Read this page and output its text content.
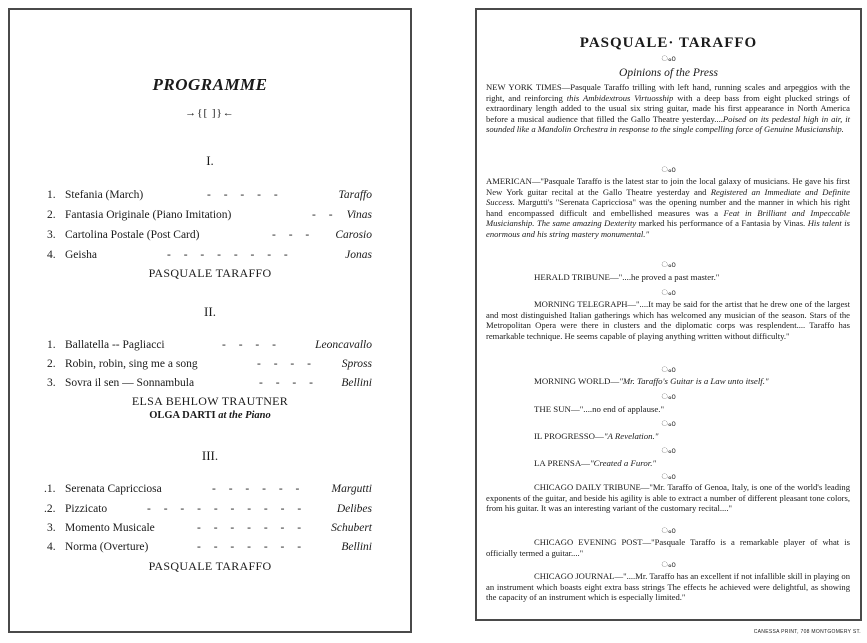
PROGRAMME
→{[ ]}←
I.
1. Stefania (March)	- - - - -	Taraffo
2. Fantasia Originale (Piano Imitation)	- - Vinas
3. Cartolina Postale (Post Card)	- - - Carosio
4. Geisha	- - - - - - - -	Jonas
PASQUALE TARAFFO
II.
1. Ballatella -- Pagliacci	- - - -	Leoncavallo
2. Robin, robin, sing me a song	- - - - Spross
3. Sovra il sen — Sonnambula	- - - - Bellini
ELSA BEHLOW TRAUTNER
OLGA DARTI at the Piano
III.
.1. Serenata Capricciosa	- - - - - - Margutti
.2. Pizzicato	- - - - - - - - - -	Delibes
3. Momento Musicale	- - - - - - - Schubert
4. Norma (Overture)	- - - - - - -	Bellini
PASQUALE TARAFFO
PASQUALE· TARAFFO
ം൦
Opinions of the Press
NEW YORK TIMES—Pasquale Taraffo trilling with left hand, running scales and arpeggios with the right, and reinforcing this Ambidextrous Virtuosship with a deep bass from eight plucked strings of extraordinary length added to the usual six string guitar, made his first appearance in North America before a musical audience that filled the Gallo Theatre yesterday....Poised on its pedestal high in air, it sounded like a Mandolin Orchestra in response to the single compelling force of Genuine Musicianship.
ം൦
AMERICAN—"Pasquale Taraffo is the latest star to join the local galaxy of musicians. He gave his first New York guitar recital at the Gallo Theatre yesterday and Registered an Immediate and Definite Success. Margutti's "Serenata Capricciosa" was the opening number and the manner in which his right hand encompassed difficult and embellished measures was a Feat in Brilliant and Impeccable Musicianship. The same amazing Dexterity marked his performance of a Fantasia by Vinas. His talent is enormous and his string mastery monumental."
ം൦
HERALD TRIBUNE—"....he proved a past master."
ം൦
MORNING TELEGRAPH—"....It may be said for the artist that he drew one of the largest and most distinguished Italian gatherings which has welcomed any musician of the season. Stars of the Metropolitan Opera were there in clusters and the diplomatic corps was resplendent.... Taraffo has remarkable technique. He seems capable of playing anything written without difficulty."
ം൦
MORNING WORLD—"Mr. Taraffo's Guitar is a Law unto itself."
ം൦
THE SUN—"....no end of applause."
ം൦
IL PROGRESSO—"A Revelation."
ം൦
LA PRENSA—"Created a Furor."
ം൦
CHICAGO DAILY TRIBUNE—"Mr. Taraffo of Genoa, Italy, is one of the world's leading exponents of the guitar, and beside his agility is able to extract a number of different pleasant tone colors, from his guitar. It was an interesting variant of the customary recital...."
ം൦
CHICAGO EVENING POST—"Pasquale Taraffo is a remarkable player of what is officially termed a guitar...."
ം൦
CHICAGO JOURNAL—"....Mr. Taraffo has an excellent if not infallible skill in playing on an instrument which boasts eight extra bass strings The effects he achieved were delightful, as showing the capacity of an instrument which is especially limited."
CANESSA PRINT, 708 MONTGOMERY ST.
